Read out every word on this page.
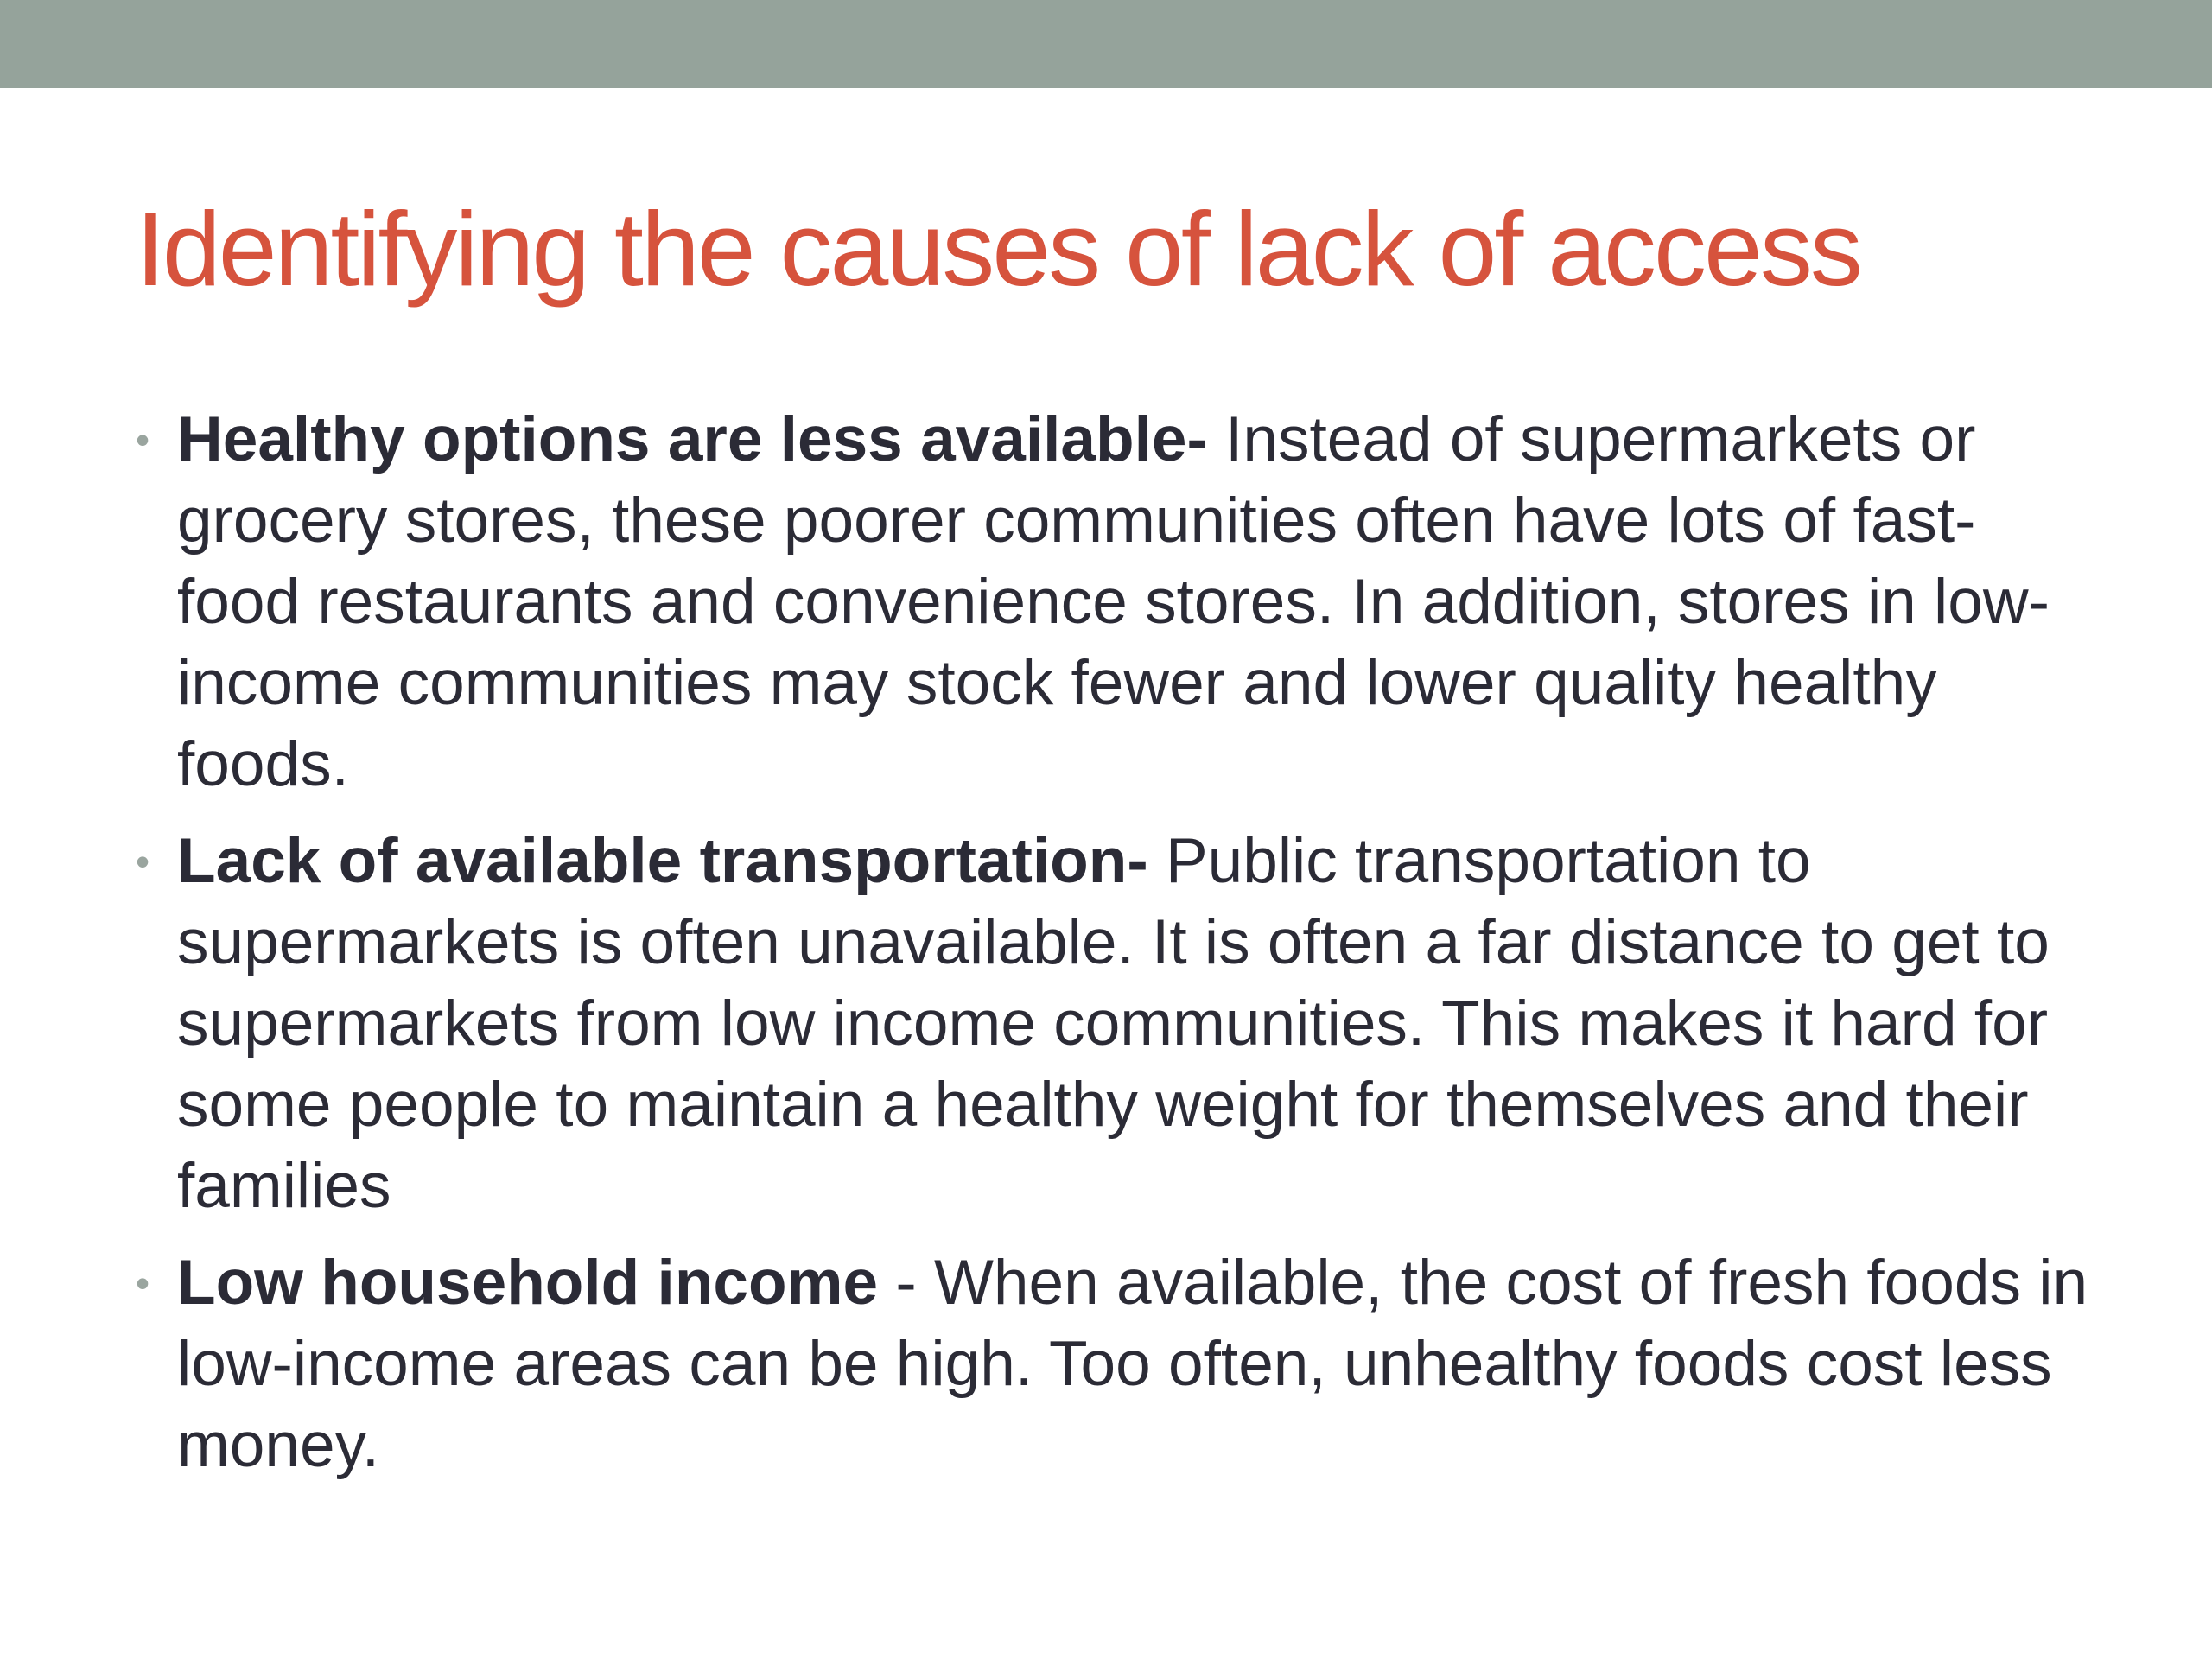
Identifying the causes of lack of access
• Healthy options are less available- Instead of supermarkets or grocery stores, these poorer communities often have lots of fast-food restaurants and convenience stores. In addition, stores in low-income communities may stock fewer and lower quality healthy foods.
• Lack of available transportation- Public transportation to supermarkets is often unavailable. It is often a far distance to get to supermarkets from low income communities. This makes it hard for some people to maintain a healthy weight for themselves and their families
• Low household income - When available, the cost of fresh foods in low-income areas can be high. Too often, unhealthy foods cost less money.
